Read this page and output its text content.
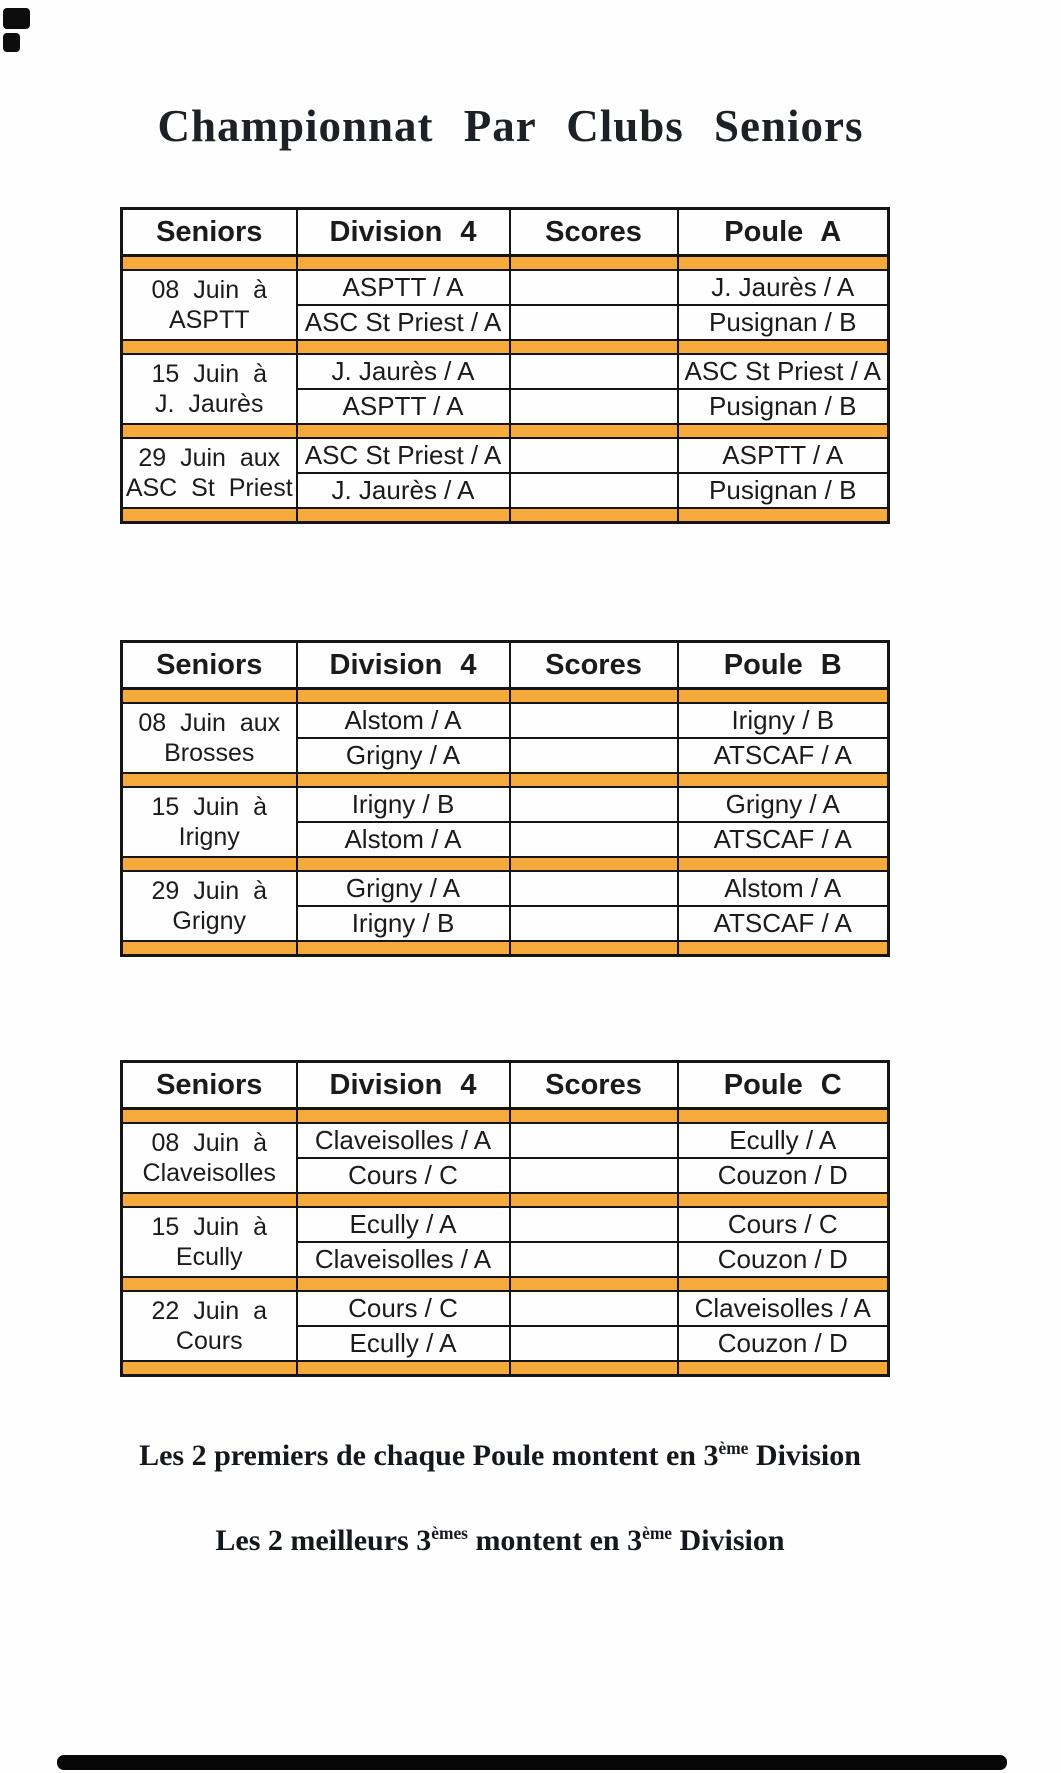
Championnat Par Clubs Seniors
Seniors	Division 4	Scores	Poule A

08 Juin à
ASPTT	ASPTT / A		J. Jaurès / A
	ASC St Priest / A		Pusignan / B

15 Juin à
J. Jaurès	J. Jaurès / A		ASC St Priest / A
	ASPTT / A		Pusignan / B

29 Juin aux
ASC St Priest	ASC St Priest / A		ASPTT / A
	J. Jaurès / A		Pusignan / B

Seniors	Division 4	Scores	Poule B

08 Juin aux
Brosses	Alstom / A		Irigny / B
	Grigny / A		ATSCAF / A

15 Juin à
Irigny	Irigny / B		Grigny / A
	Alstom / A		ATSCAF / A

29 Juin à
Grigny	Grigny / A		Alstom / A
	Irigny / B		ATSCAF / A

Seniors	Division 4	Scores	Poule C

08 Juin à
Claveisolles	Claveisolles / A		Ecully / A
	Cours / C		Couzon / D

15 Juin à
Ecully	Ecully / A		Cours / C
	Claveisolles / A		Couzon / D

22 Juin a
Cours	Cours / C		Claveisolles / A
	Ecully / A		Couzon / D

Les 2 premiers de chaque Poule montent en 3ème Division
Les 2 meilleurs 3èmes montent en 3ème Division
